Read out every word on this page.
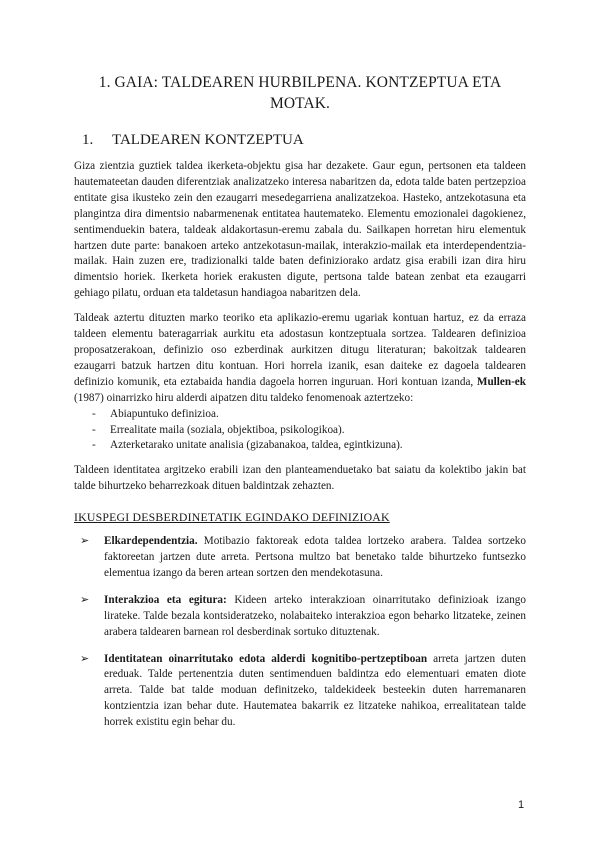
1. GAIA: TALDEAREN HURBILPENA. KONTZEPTUA ETA
MOTAK.
1.	TALDEAREN KONTZEPTUA

Giza zientzia guztiek taldea ikerketa-objektu gisa har dezakete. Gaur egun, pertsonen eta taldeen hautemateetan dauden diferentziak analizatzeko interesa nabaritzen da, edota talde baten pertzepzioa entitate gisa ikusteko zein den ezaugarri mesedegarriena analizatzekoa. Hasteko, antzekotasuna eta plangintza dira dimentsio nabarmenenak entitatea hautemateko. Elementu emozionalei dagokienez, sentimenduekin batera, taldeak aldakortasun-eremu zabala du. Sailkapen horretan hiru elementuk hartzen dute parte: banakoen arteko antzekotasun-mailak, interakzio-mailak eta interdependentzia-mailak. Hain zuzen ere, tradizionalki talde baten definiziorako ardatz gisa erabili izan dira hiru dimentsio horiek. Ikerketa horiek erakusten digute, pertsona talde batean zenbat eta ezaugarri gehiago pilatu, orduan eta taldetasun handiagoa nabaritzen dela.

Taldeak aztertu dituzten marko teoriko eta aplikazio-eremu ugariak kontuan hartuz, ez da erraza taldeen elementu bateragarriak aurkitu eta adostasun kontzeptuala sortzea. Taldearen definizioa proposatzerakoan, definizio oso ezberdinak aurkitzen ditugu literaturan; bakoitzak taldearen ezaugarri batzuk hartzen ditu kontuan. Hori horrela izanik, esan daiteke ez dagoela taldearen definizio komunik, eta eztabaida handia dagoela horren inguruan. Hori kontuan izanda, Mullen-ek (1987) oinarrizko hiru alderdi aipatzen ditu taldeko fenomenoak aztertzeko:

-	Abiapuntuko definizioa.
-	Errealitate maila (soziala, objektiboa, psikologikoa).
-	Azterketarako unitate analisia (gizabanakoa, taldea, egintkizuna).

Taldeen identitatea argitzeko erabili izan den planteamenduetako bat saiatu da kolektibo jakin bat talde bihurtzeko beharrezkoak dituen baldintzak zehazten.

IKUSPEGI DESBERDINETATIK EGINDAKO DEFINIZIOAK
➢	Elkardependentzia. Motibazio faktoreak edota taldea lortzeko arabera. Taldea sortzeko faktoreetan jartzen dute arreta. Pertsona multzo bat benetako talde bihurtzeko funtsezko elementua izango da beren artean sortzen den mendekotasuna.

➢	Interakzioa eta egitura: Kideen arteko interakzioan oinarritutako definizioak izango lirateke. Talde bezala kontsideratzeko, nolabaiteko interakzioa egon beharko litzateke, zeinen arabera taldearen barnean rol desberdinak sortuko dituztenak.

➢	Identitatean oinarritutako edota alderdi kognitibo-pertzeptiboan arreta jartzen duten ereduak. Talde pertenentzia duten sentimenduen baldintza edo elementuari ematen diote arreta. Talde bat talde moduan definitzeko, taldekideek besteekin duten harremanaren kontzientzia izan behar dute. Hautematea bakarrik ez litzateke nahikoa, errealitatean talde horrek existitu egin behar du.

1
